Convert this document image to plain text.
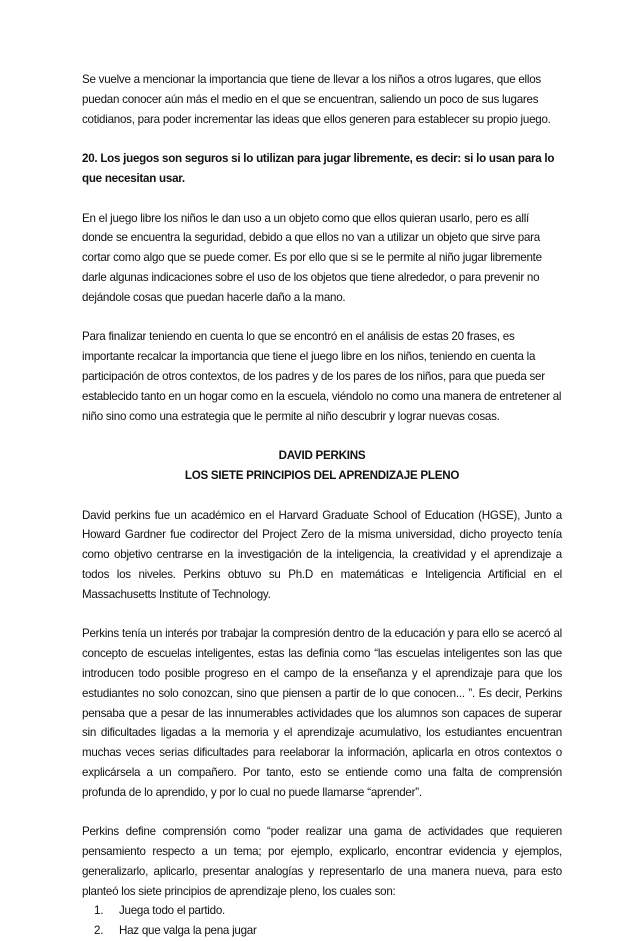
Se vuelve a mencionar la importancia que tiene de llevar a los niños a otros lugares, que ellos puedan conocer aún más el medio en el que se encuentran, saliendo un poco de sus lugares cotidianos, para poder incrementar las ideas que ellos generen para establecer su propio juego.

20. Los juegos son seguros si lo utilizan para jugar libremente, es decir: si lo usan para lo que necesitan usar.

En el juego libre los niños le dan uso a un objeto como que ellos quieran usarlo, pero es allí donde se encuentra la seguridad, debido a que ellos no van a utilizar un objeto que sirve para cortar como algo que se puede comer. Es por ello que si se le permite al niño jugar libremente darle algunas indicaciones sobre el uso de los objetos que tiene alrededor, o para prevenir no dejándole cosas que puedan hacerle daño a la mano.

Para finalizar teniendo en cuenta lo que se encontró en el análisis de estas 20 frases, es importante recalcar la importancia que tiene el juego libre en los niños, teniendo en cuenta la participación de otros contextos, de los padres y de los pares de los niños, para que pueda ser establecido tanto en un hogar como en la escuela, viéndolo no como una manera de entretener al niño sino como una estrategia que le permite al niño descubrir y lograr nuevas cosas.

DAVID PERKINS
LOS SIETE PRINCIPIOS DEL APRENDIZAJE PLENO

David perkins fue un académico en el Harvard Graduate School of Education (HGSE), Junto a Howard Gardner fue codirector del Project Zero de la misma universidad, dicho proyecto tenía como objetivo centrarse en la investigación de la inteligencia, la creatividad y el aprendizaje a todos los niveles. Perkins obtuvo su Ph.D en matemáticas e Inteligencia Artificial en el Massachusetts Institute of Technology.

Perkins tenía un interés por trabajar la compresión dentro de la educación y para ello se acercó al concepto de escuelas inteligentes, estas las definia como “las escuelas inteligentes son las que introducen todo posible progreso en el campo de la enseñanza y el aprendizaje para que los estudiantes no solo conozcan, sino que piensen a partir de lo que conocen... ”. Es decir, Perkins pensaba que a pesar de las innumerables actividades que los alumnos son capaces de superar sin dificultades ligadas a la memoria y el aprendizaje acumulativo, los estudiantes encuentran muchas veces serias dificultades para reelaborar la información, aplicarla en otros contextos o explicársela a un compañero. Por tanto, esto se entiende como una falta de comprensión profunda de lo aprendido, y por lo cual no puede llamarse “aprender”.

Perkins define comprensión como “poder realizar una gama de actividades que requieren pensamiento respecto a un tema; por ejemplo, explicarlo, encontrar evidencia y ejemplos, generalizarlo, aplicarlo, presentar analogías y representarlo de una manera nueva, para esto planteó los siete principios de aprendizaje pleno, los cuales son:

1. Juega todo el partido.
2. Haz que valga la pena jugar
